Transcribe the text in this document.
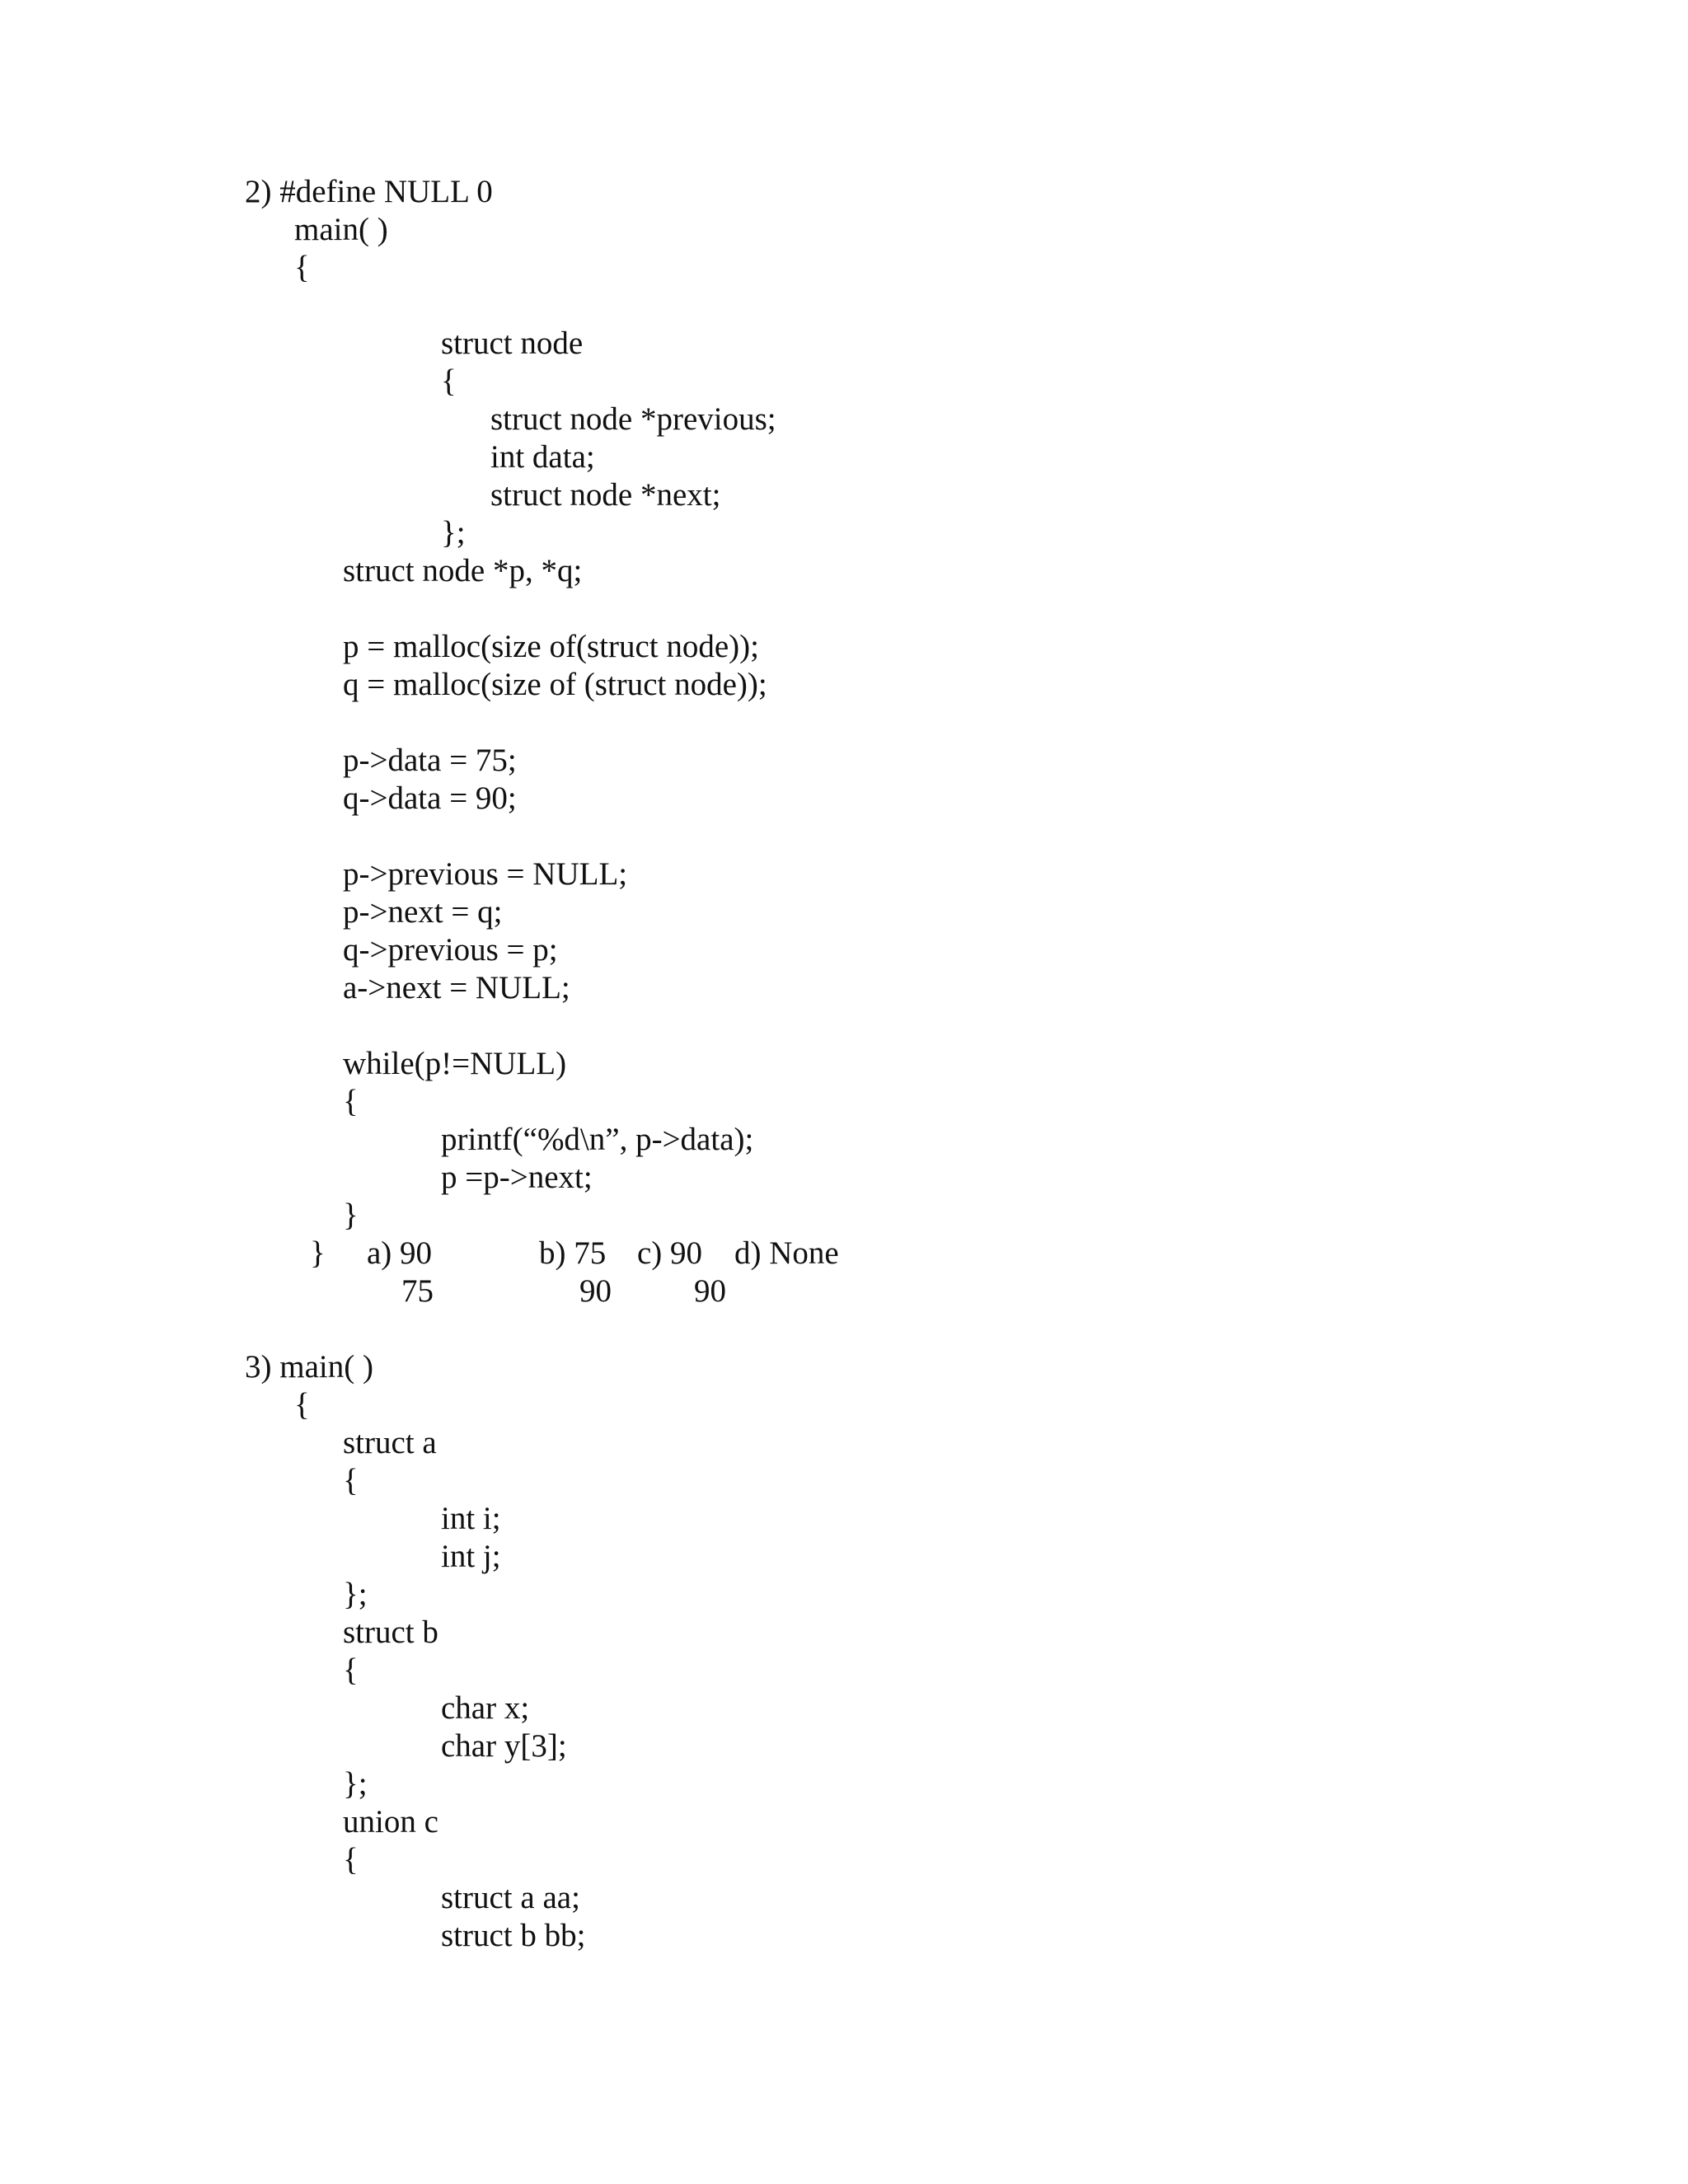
2) #define NULL 0
main( )
{
struct node
{
struct node *previous;
int data;
struct node *next;
};
struct node *p, *q;
p = malloc(size of(struct node));
q = malloc(size of (struct node));
p->data = 75;
q->data = 90;
p->previous = NULL;
p->next = q;
q->previous = p;
a->next = NULL;
while(p!=NULL)
{
printf(“%d\n”, p->data);
p =p->next;
}
} a) 90
75
b) 75
90
c) 90
90
d) None
3) main( )
{
struct a
{
int i;
int j;
};
struct b
{
char x;
char y[3];
};
union c
{
struct a aa;
struct b bb;
